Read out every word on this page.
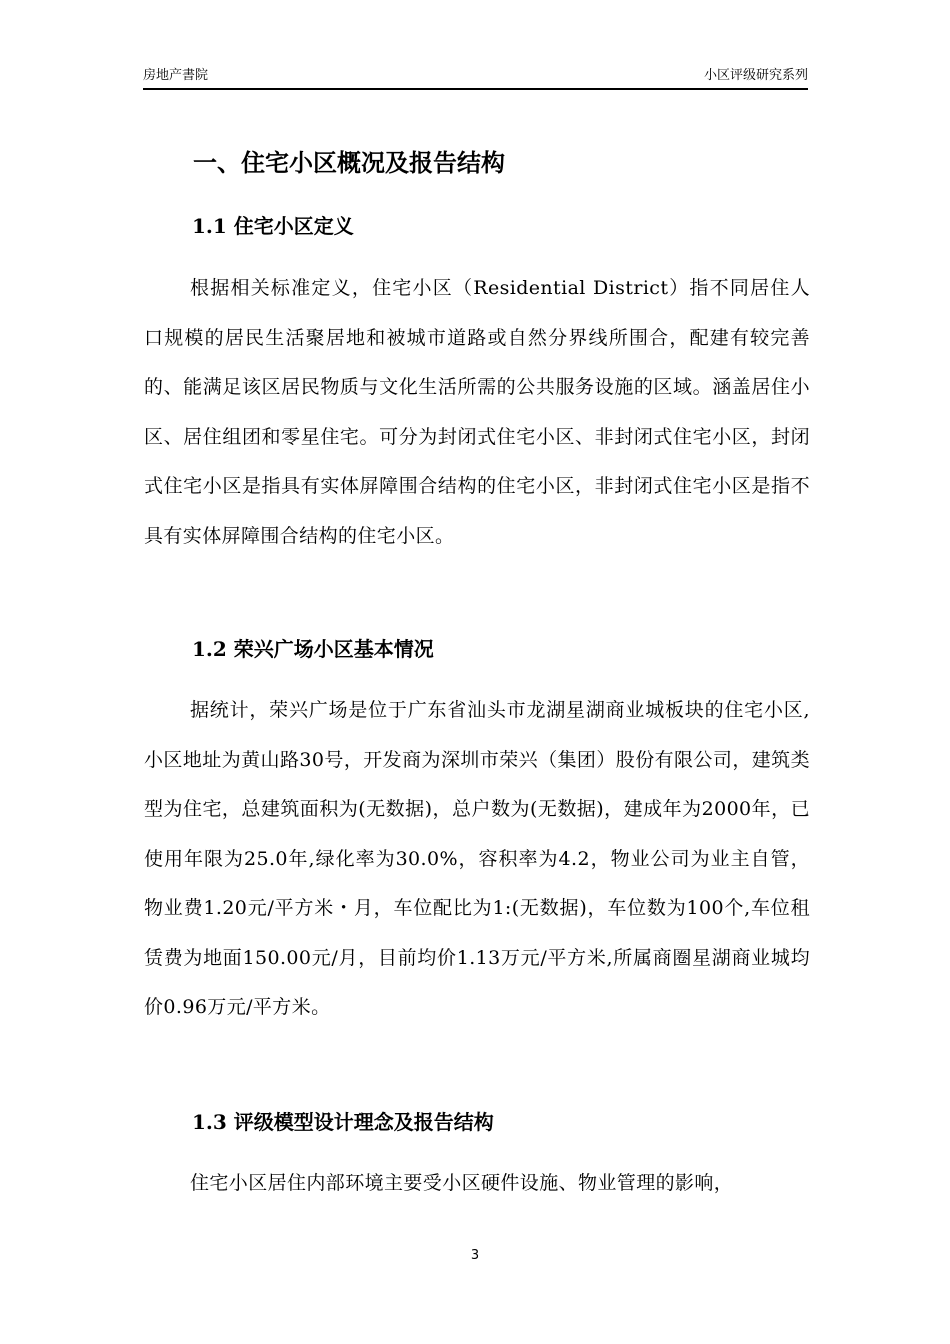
房地产書院	小区评级研究系列
一、住宅小区概况及报告结构
1.1 住宅小区定义
根据相关标准定义，住宅小区（Residential District）指不同居住人口规模的居民生活聚居地和被城市道路或自然分界线所围合，配建有较完善的、能满足该区居民物质与文化生活所需的公共服务设施的区域。涵盖居住小区、居住组团和零星住宅。可分为封闭式住宅小区、非封闭式住宅小区，封闭式住宅小区是指具有实体屏障围合结构的住宅小区，非封闭式住宅小区是指不具有实体屏障围合结构的住宅小区。
1.2 荣兴广场小区基本情况
据统计，荣兴广场是位于广东省汕头市龙湖星湖商业城板块的住宅小区,小区地址为黄山路30号，开发商为深圳市荣兴（集团）股份有限公司，建筑类型为住宅，总建筑面积为(无数据)，总户数为(无数据)，建成年为2000年，已使用年限为25.0年,绿化率为30.0%，容积率为4.2，物业公司为业主自管，物业费1.20元/平方米・月，车位配比为1:(无数据)，车位数为100个,车位租赁费为地面150.00元/月，目前均价1.13万元/平方米,所属商圈星湖商业城均价0.96万元/平方米。
1.3 评级模型设计理念及报告结构
住宅小区居住内部环境主要受小区硬件设施、物业管理的影响，
3
